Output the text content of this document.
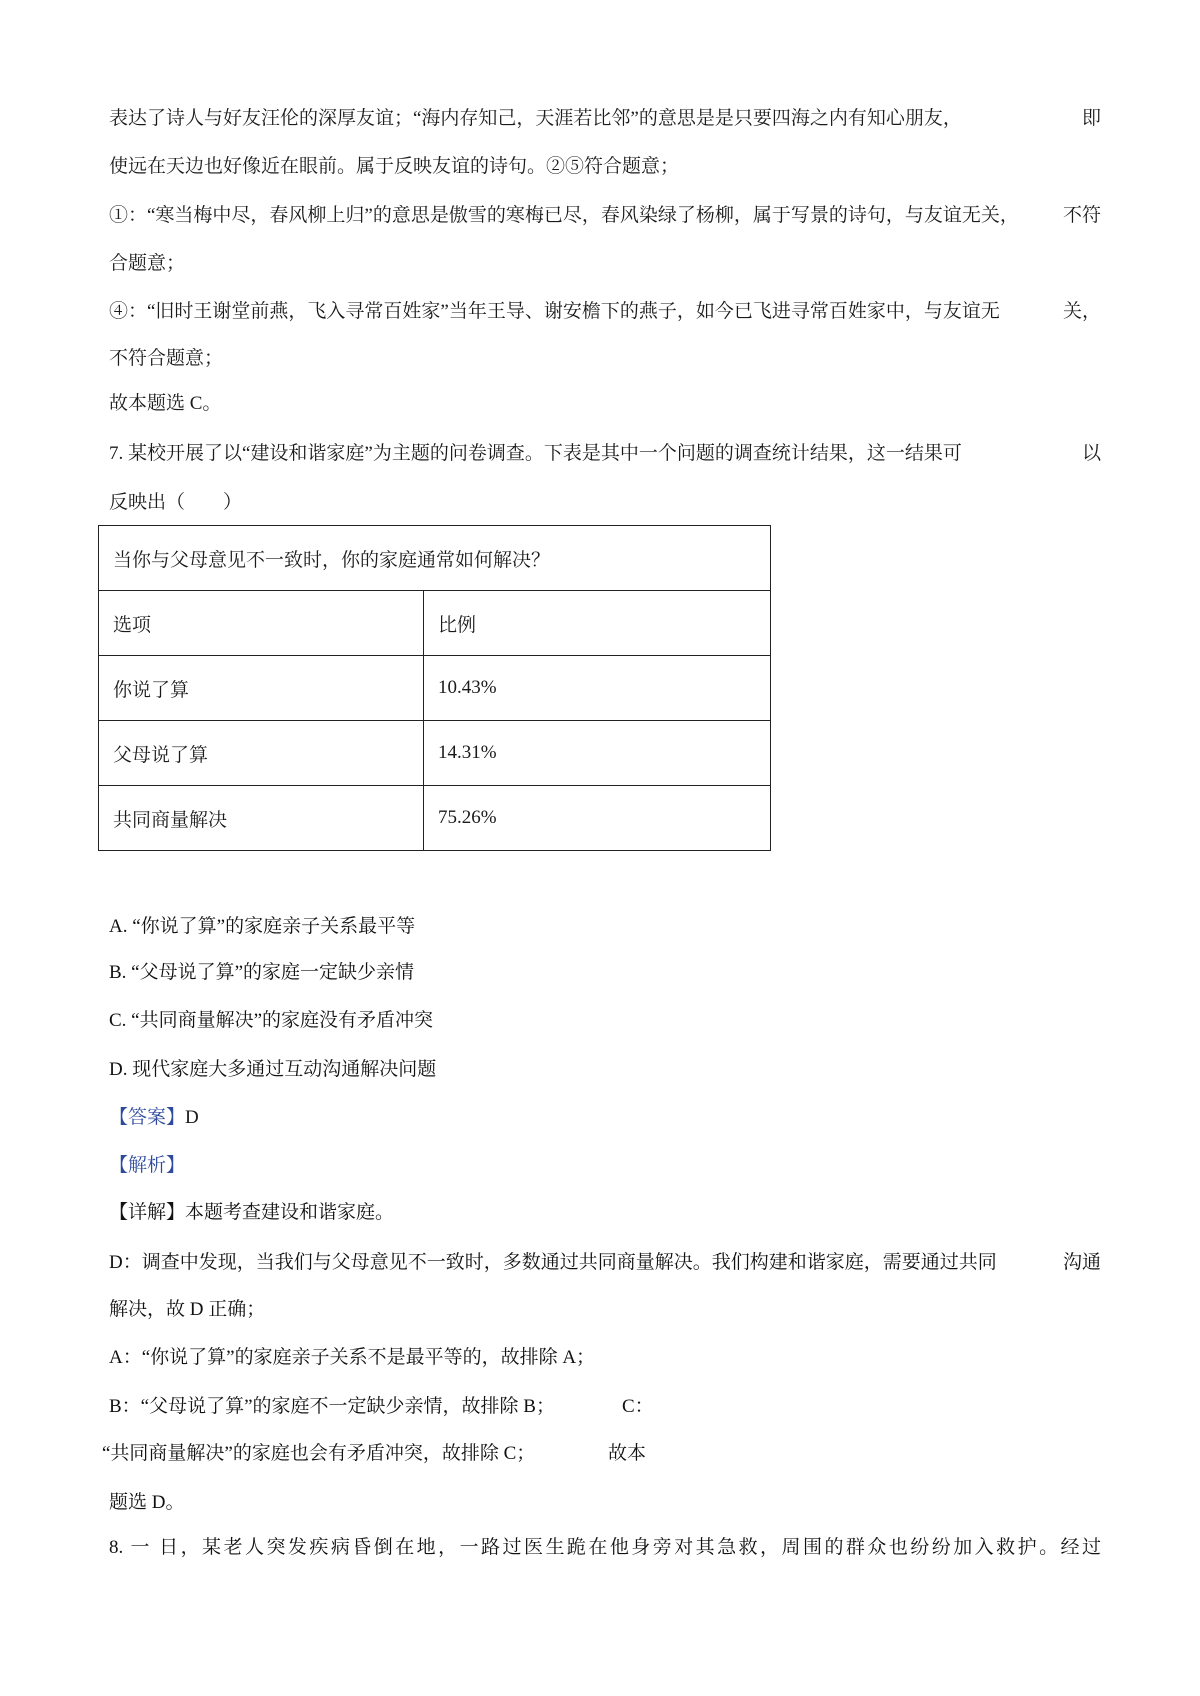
表达了诗人与好友汪伦的深厚友谊；“海内存知己，天涯若比邻”的意思是是只要四海之内有知心朋友，	即
使远在天边也好像近在眼前。属于反映友谊的诗句。②⑤符合题意；
①：“寒当梅中尽，春风柳上归”的意思是傲雪的寒梅已尽，春风染绿了杨柳，属于写景的诗句，与友谊无关， 不符
合题意；
④：“旧时王谢堂前燕，飞入寻常百姓家”当年王导、谢安檐下的燕子，如今已飞进寻常百姓家中，与友谊无	关，
不符合题意；
故本题选 C。
7. 某校开展了以“建设和谐家庭”为主题的问卷调查。下表是其中一个问题的调查统计结果，这一结果可	以
反映出（　　）
当你与父母意见不一致时，你的家庭通常如何解决？	
选项	比例
你说了算	10.43%
父母说了算	14.31%
共同商量解决	75.26%
A. “你说了算”的家庭亲子关系最平等
B. “父母说了算”的家庭一定缺少亲情
C. “共同商量解决”的家庭没有矛盾冲突
D. 现代家庭大多通过互动沟通解决问题
【答案】D
【解析】
【详解】本题考查建设和谐家庭。
D：调查中发现，当我们与父母意见不一致时，多数通过共同商量解决。我们构建和谐家庭，需要通过共同	沟通
解决，故 D 正确；
A：“你说了算”的家庭亲子关系不是最平等的，故排除 A；
B：“父母说了算”的家庭不一定缺少亲情，故排除 B；	C：
“共同商量解决”的家庭也会有矛盾冲突，故排除 C；	故本
题选 D。
8. 一 日，某老人突发疾病昏倒在地，一路过医生跪在他身旁对其急救，周围的群众也纷纷加入救护。经过
